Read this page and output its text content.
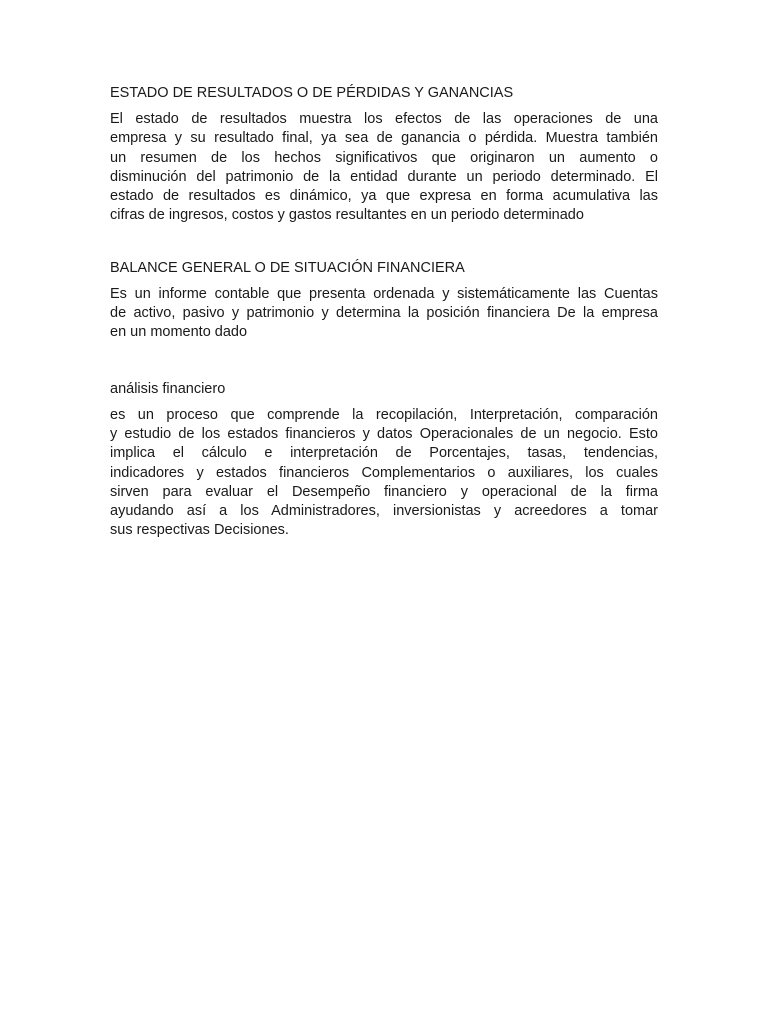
ESTADO DE RESULTADOS O DE PÉRDIDAS Y GANANCIAS
El estado de resultados muestra los efectos de las operaciones de una
empresa y su resultado final, ya sea de ganancia o pérdida. Muestra también
un resumen de los hechos significativos que originaron un aumento o
disminución del patrimonio de la entidad durante un periodo determinado. El
estado de resultados es dinámico, ya que expresa en forma acumulativa las
cifras de ingresos, costos y gastos resultantes en un periodo determinado
BALANCE GENERAL O DE SITUACIÓN FINANCIERA
Es un informe contable que presenta ordenada y sistemáticamente las Cuentas
de activo, pasivo y patrimonio y determina la posición financiera De la empresa
en un momento dado
análisis financiero
es un proceso que comprende la recopilación, Interpretación, comparación
y estudio de los estados financieros y datos Operacionales de un negocio. Esto
implica el cálculo e interpretación de Porcentajes, tasas, tendencias,
indicadores y estados financieros Complementarios o auxiliares, los cuales
sirven para evaluar el Desempeño financiero y operacional de la firma
ayudando así a los Administradores, inversionistas y acreedores a tomar
sus respectivas Decisiones.
